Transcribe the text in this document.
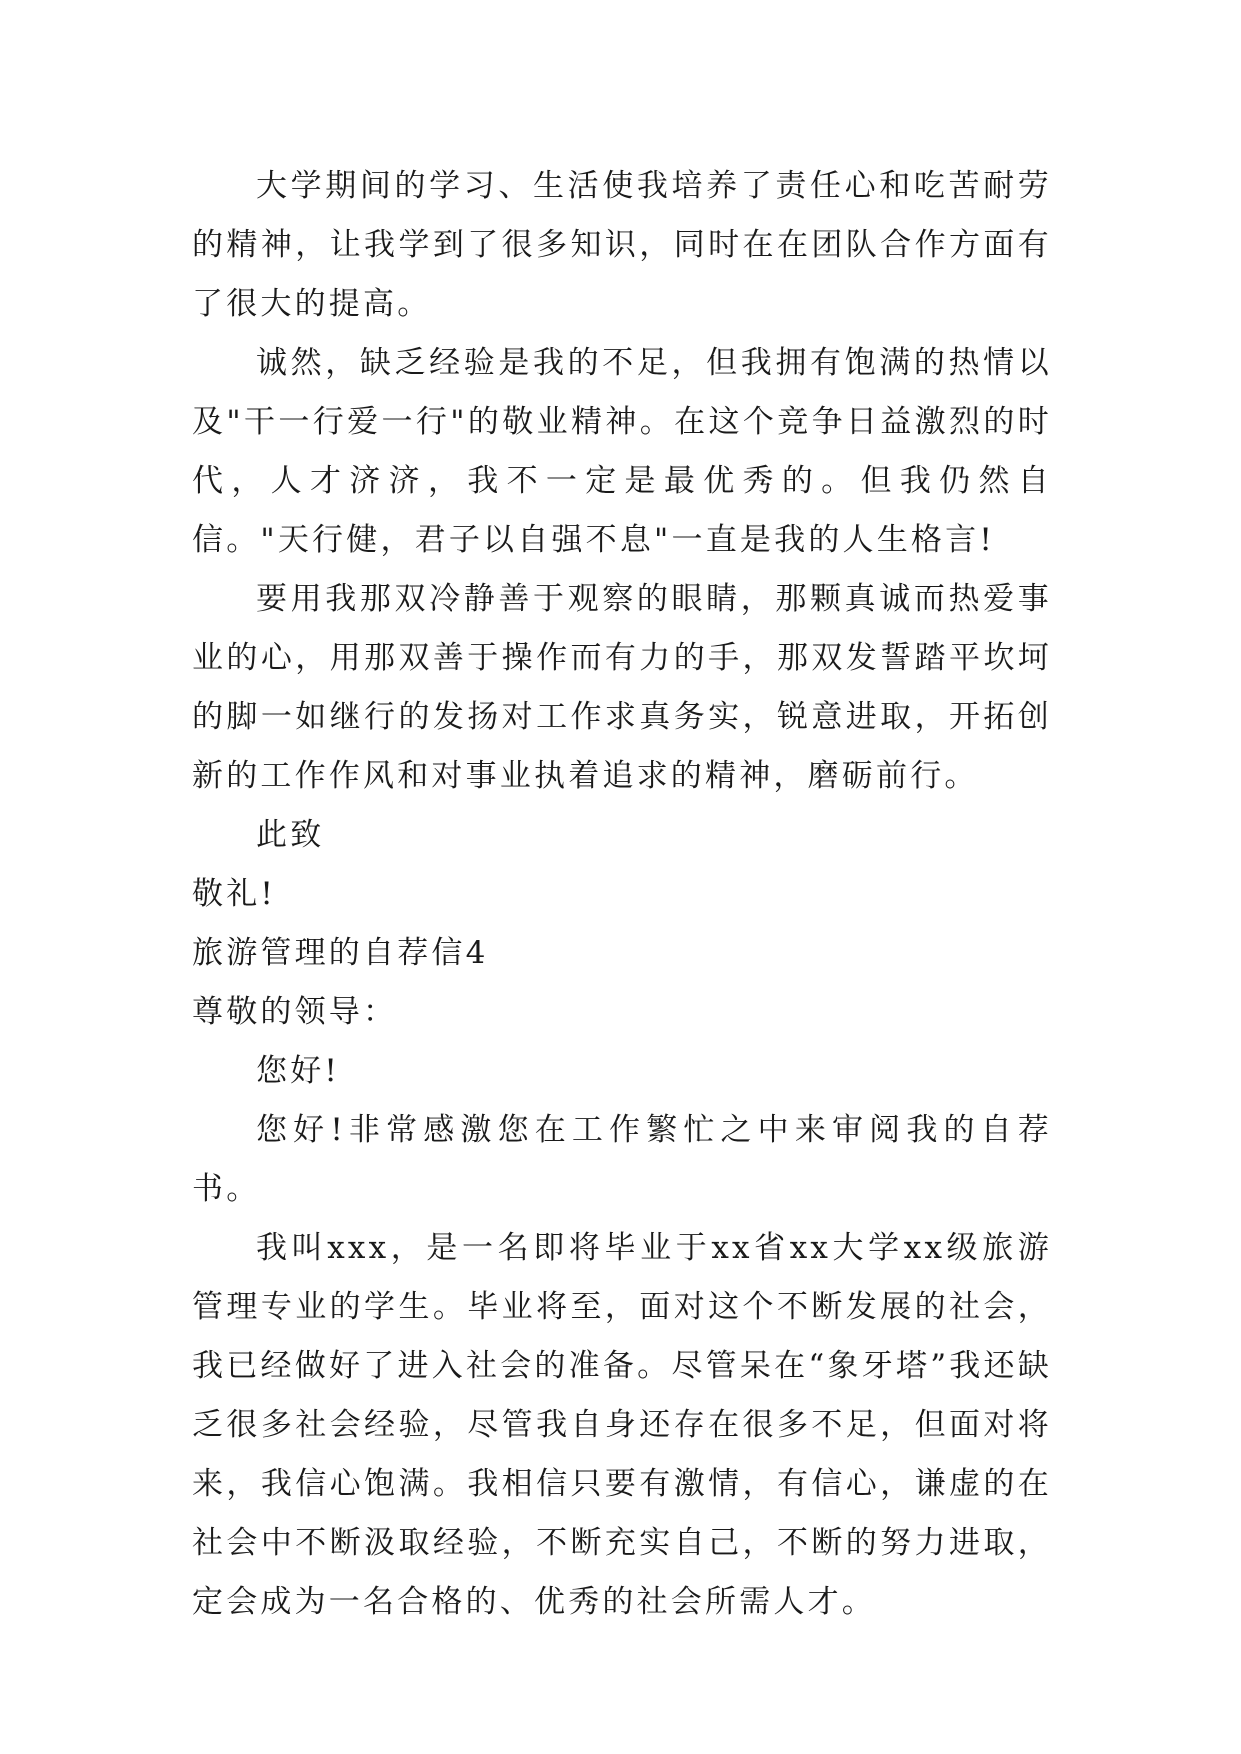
大学期间的学习、生活使我培养了责任心和吃苦耐劳的精神，让我学到了很多知识，同时在在团队合作方面有了很大的提高。

诚然，缺乏经验是我的不足，但我拥有饱满的热情以及"干一行爱一行"的敬业精神。在这个竞争日益激烈的时代，人才济济，我不一定是最优秀的。但我仍然自信。"天行健，君子以自强不息"一直是我的人生格言!

要用我那双冷静善于观察的眼睛，那颗真诚而热爱事业的心，用那双善于操作而有力的手，那双发誓踏平坎坷的脚一如继行的发扬对工作求真务实，锐意进取，开拓创新的工作作风和对事业执着追求的精神，磨砺前行。

此致

敬礼!

旅游管理的自荐信4

尊敬的领导：

您好!

您好!非常感激您在工作繁忙之中来审阅我的自荐书。

我叫xxx，是一名即将毕业于xx省xx大学xx级旅游管理专业的学生。毕业将至，面对这个不断发展的社会，我已经做好了进入社会的准备。尽管呆在“象牙塔”我还缺乏很多社会经验，尽管我自身还存在很多不足，但面对将来，我信心饱满。我相信只要有激情，有信心，谦虚的在社会中不断汲取经验，不断充实自己，不断的努力进取，定会成为一名合格的、优秀的社会所需人才。
